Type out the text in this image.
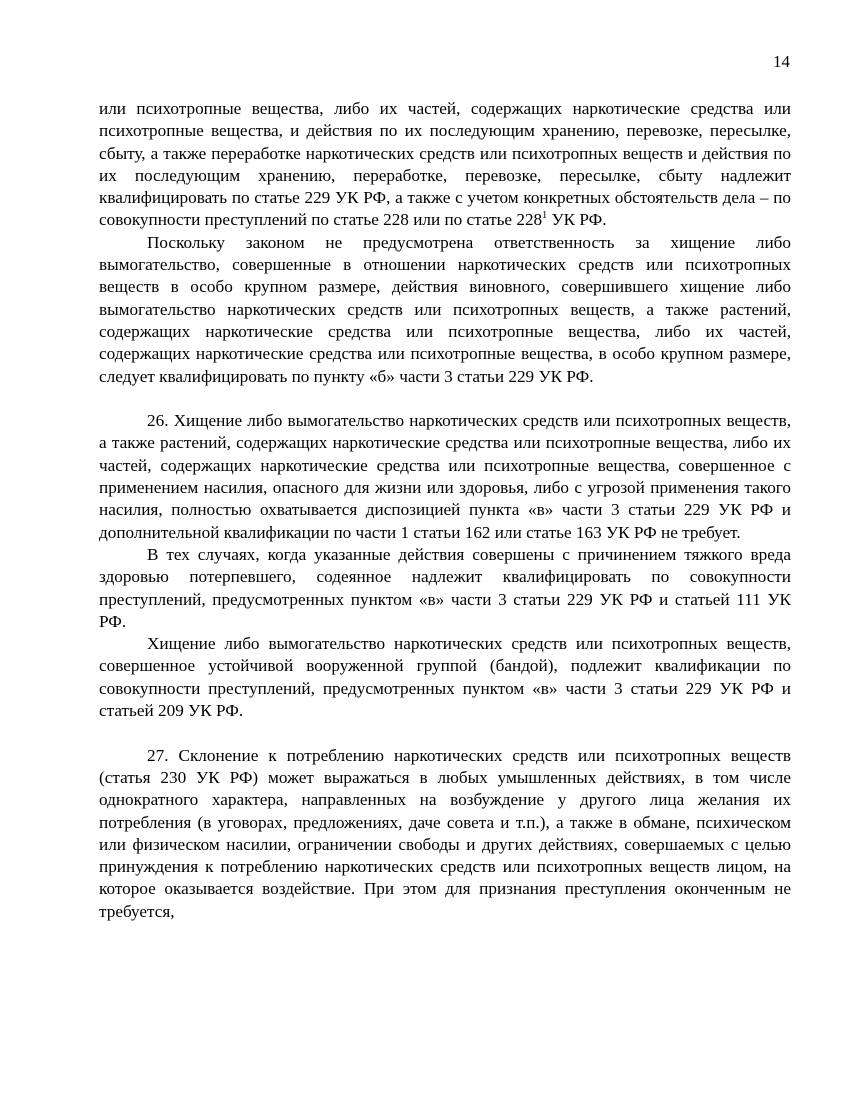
14

или психотропные вещества, либо их частей, содержащих наркотические средства или психотропные вещества, и действия по их последующим хранению, перевозке, пересылке, сбыту, а также переработке наркотических средств или психотропных веществ и действия по их последующим хранению, переработке, перевозке, пересылке, сбыту надлежит квалифицировать по статье 229 УК РФ, а также с учетом конкретных обстоятельств дела – по совокупности преступлений по статье 228 или по статье $228^1$ УК РФ.

Поскольку законом не предусмотрена ответственность за хищение либо вымогательство, совершенные в отношении наркотических средств или психотропных веществ в особо крупном размере, действия виновного, совершившего хищение либо вымогательство наркотических средств или психотропных веществ, а также растений, содержащих наркотические средства или психотропные вещества, либо их частей, содержащих наркотические средства или психотропные вещества, в особо крупном размере, следует квалифицировать по пункту «б» части 3 статьи 229 УК РФ.

26. Хищение либо вымогательство наркотических средств или психотропных веществ, а также растений, содержащих наркотические средства или психотропные вещества, либо их частей, содержащих наркотические средства или психотропные вещества, совершенное с применением насилия, опасного для жизни или здоровья, либо с угрозой применения такого насилия, полностью охватывается диспозицией пункта «в» части 3 статьи 229 УК РФ и дополнительной квалификации по части 1 статьи 162 или статье 163 УК РФ не требует.

В тех случаях, когда указанные действия совершены с причинением тяжкого вреда здоровью потерпевшего, содеянное надлежит квалифицировать по совокупности преступлений, предусмотренных пунктом «в» части 3 статьи 229 УК РФ и статьей 111 УК РФ.

Хищение либо вымогательство наркотических средств или психотропных веществ, совершенное устойчивой вооруженной группой (бандой), подлежит квалификации по совокупности преступлений, предусмотренных пунктом «в» части 3 статьи 229 УК РФ и статьей 209 УК РФ.

27. Склонение к потреблению наркотических средств или психотропных веществ (статья 230 УК РФ) может выражаться в любых умышленных действиях, в том числе однократного характера, направленных на возбуждение у другого лица желания их потребления (в уговорах, предложениях, даче совета и т.п.), а также в обмане, психическом или физическом насилии, ограничении свободы и других действиях, совершаемых с целью принуждения к потреблению наркотических средств или психотропных веществ лицом, на которое оказывается воздействие. При этом для признания преступления оконченным не требуется,
